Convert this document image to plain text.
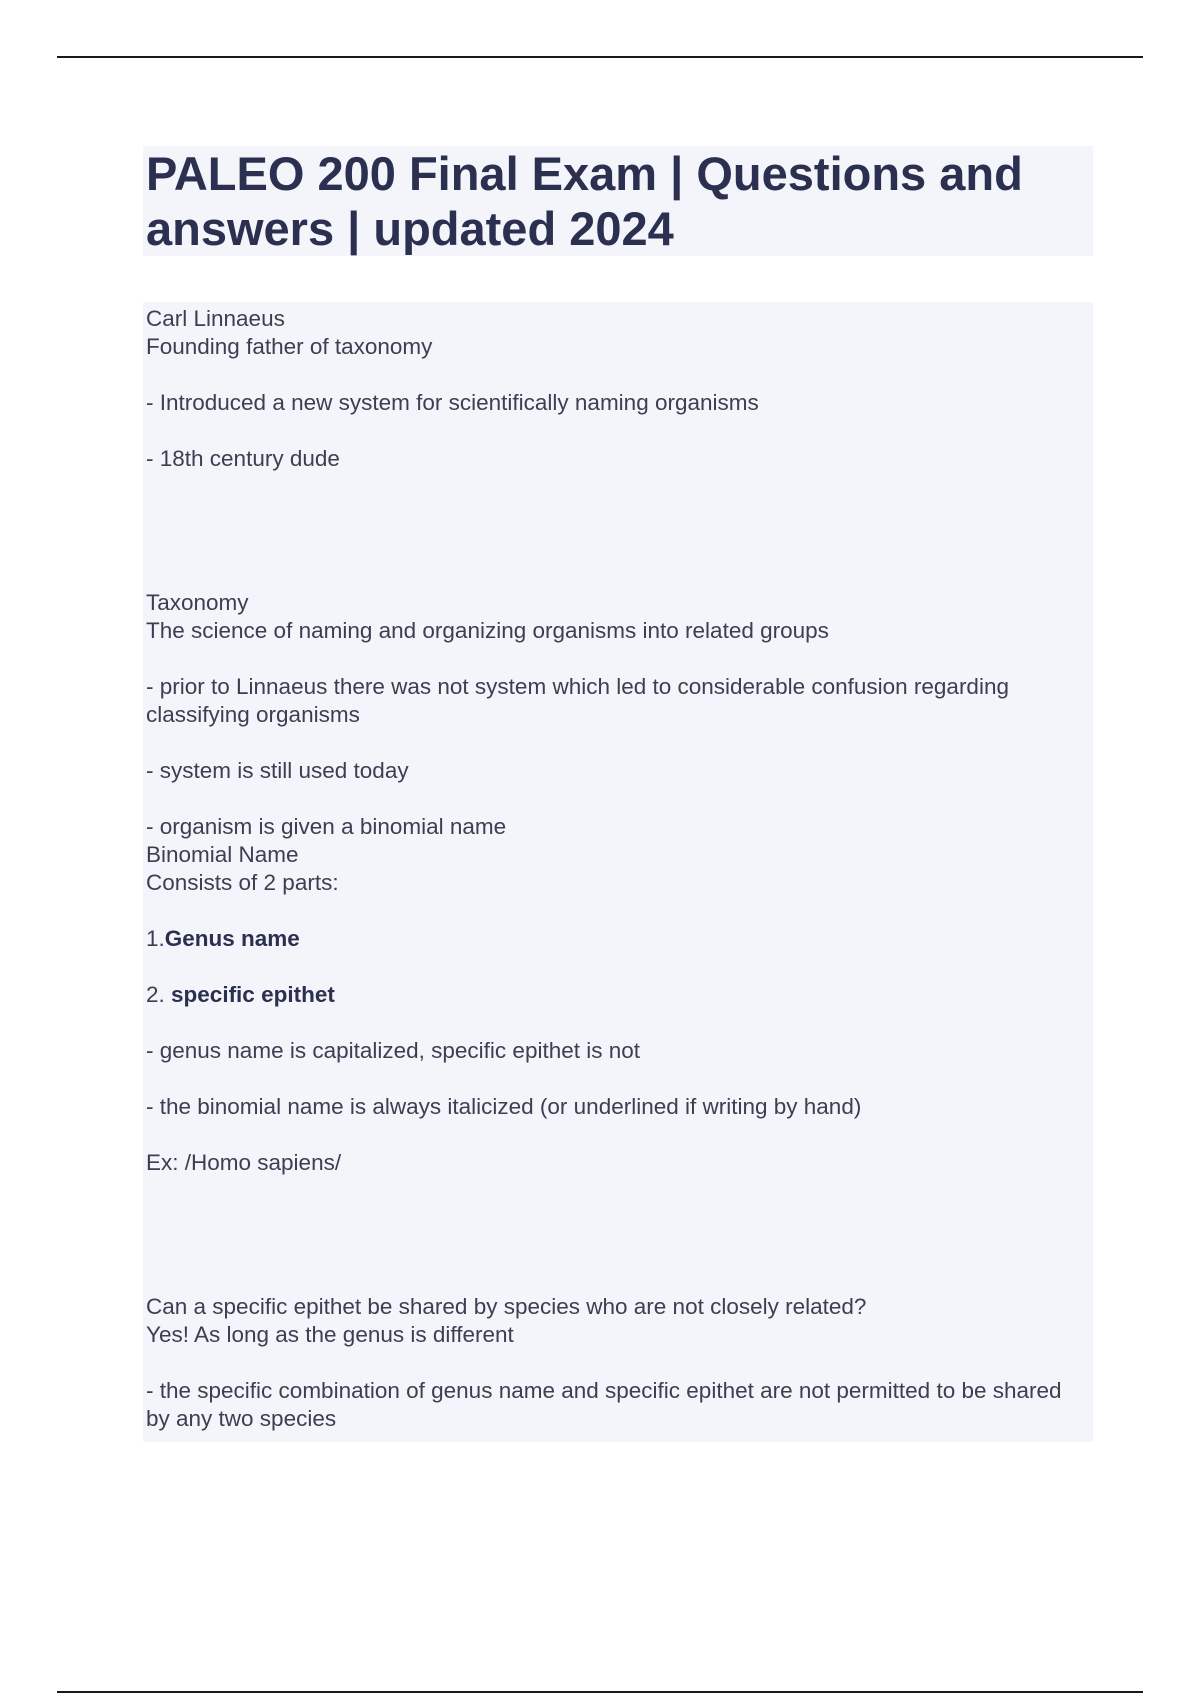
PALEO 200 Final Exam | Questions and answers | updated 2024
Carl Linnaeus
Founding father of taxonomy
- Introduced a new system for scientifically naming organisms
- 18th century dude
Taxonomy
The science of naming and organizing organisms into related groups
- prior to Linnaeus there was not system which led to considerable confusion regarding classifying organisms
- system is still used today
- organism is given a binomial name
Binomial Name
Consists of 2 parts:
1.Genus name
2. specific epithet
- genus name is capitalized, specific epithet is not
- the binomial name is always italicized (or underlined if writing by hand)
Ex: /Homo sapiens/
Can a specific epithet be shared by species who are not closely related?
Yes! As long as the genus is different
- the specific combination of genus name and specific epithet are not permitted to be shared by any two species
